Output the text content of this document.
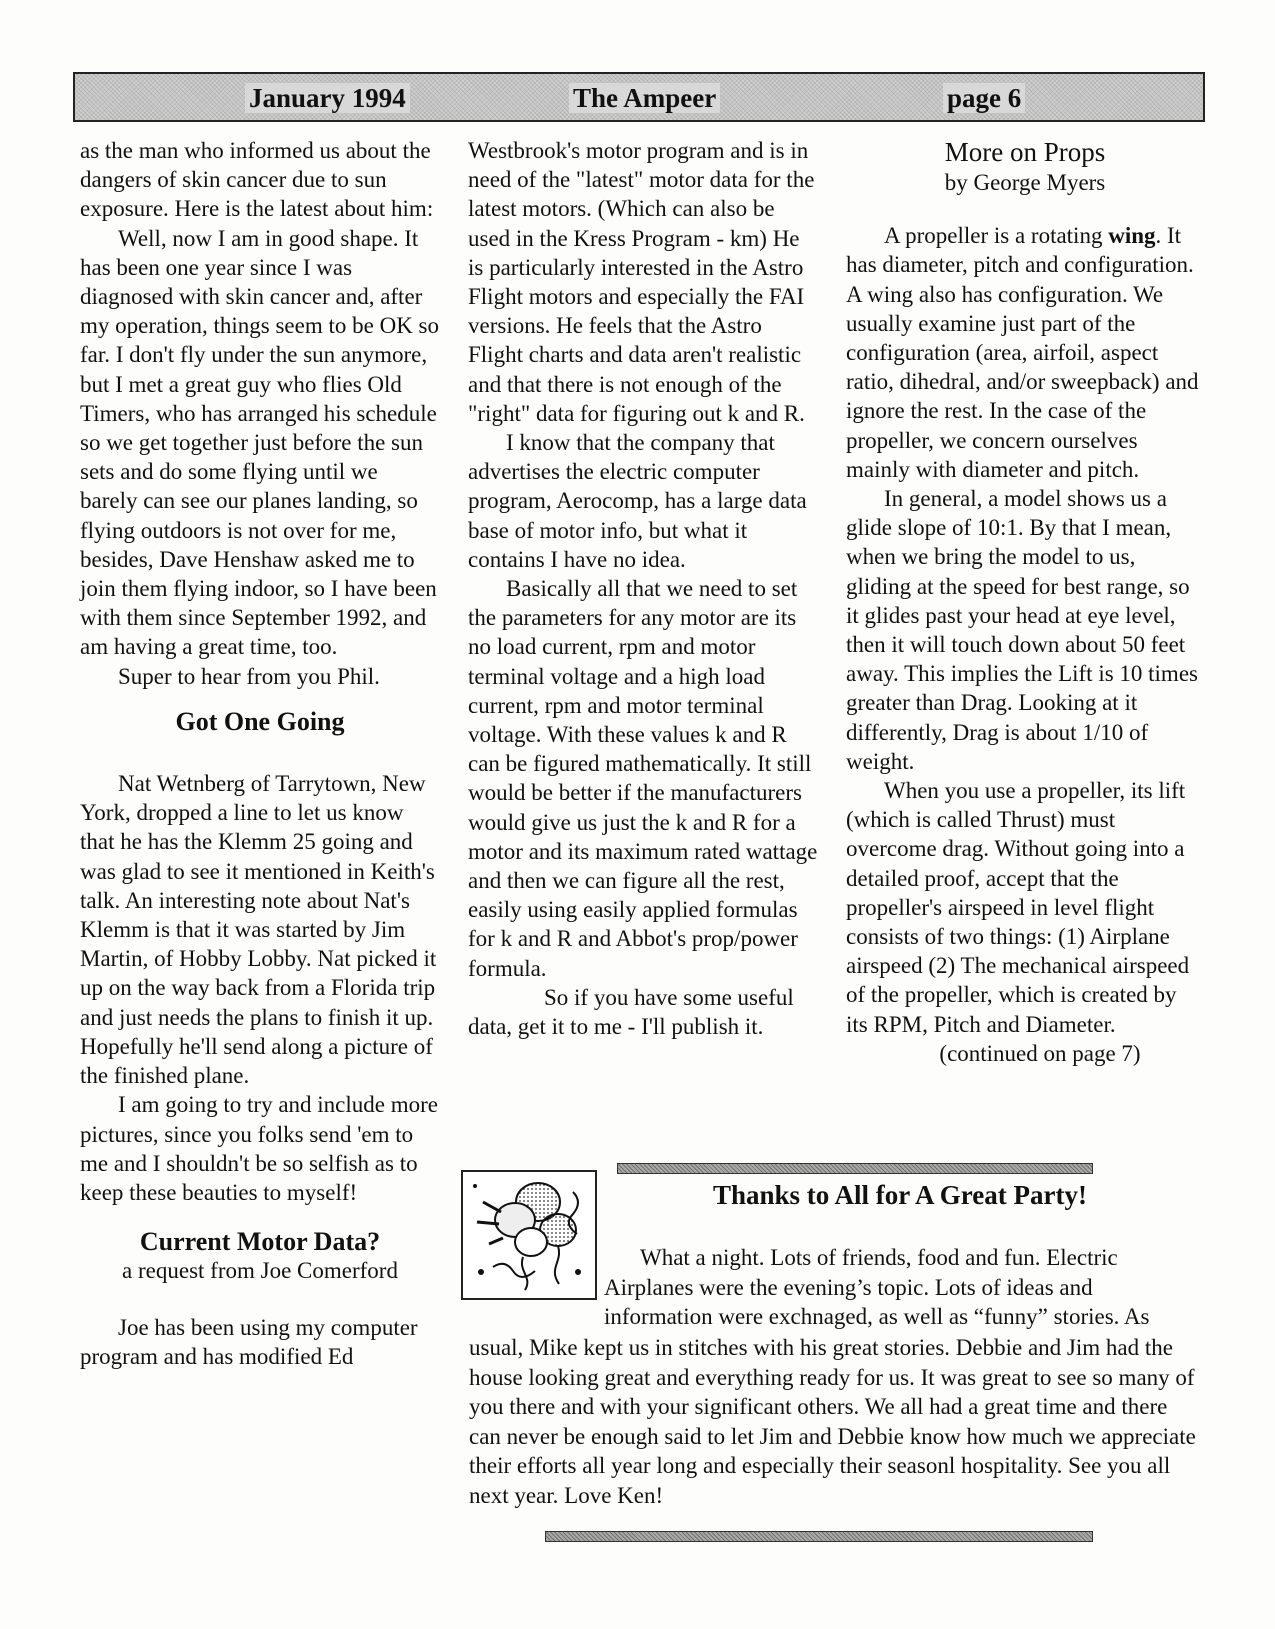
January 1994	The Ampeer	page 6

as the man who informed us about the dangers of skin cancer due to sun exposure. Here is the latest about him:

Well, now I am in good shape. It has been one year since I was diagnosed with skin cancer and, after my operation, things seem to be OK so far. I don't fly under the sun anymore, but I met a great guy who flies Old Timers, who has arranged his schedule so we get together just before the sun sets and do some flying until we barely can see our planes landing, so flying outdoors is not over for me, besides, Dave Henshaw asked me to join them flying indoor, so I have been with them since September 1992, and am having a great time, too.

Super to hear from you Phil.

Got One Going

Nat Wetnberg of Tarrytown, New York, dropped a line to let us know that he has the Klemm 25 going and was glad to see it mentioned in Keith's talk. An interesting note about Nat's Klemm is that it was started by Jim Martin, of Hobby Lobby. Nat picked it up on the way back from a Florida trip and just needs the plans to finish it up. Hopefully he'll send along a picture of the finished plane.

I am going to try and include more pictures, since you folks send 'em to me and I shouldn't be so selfish as to keep these beauties to myself!

Current Motor Data?

a request from Joe Comerford

Joe has been using my computer program and has modified Ed

Westbrook's motor program and is in need of the "latest" motor data for the latest motors. (Which can also be used in the Kress Program - km) He is particularly interested in the Astro Flight motors and especially the FAI versions. He feels that the Astro Flight charts and data aren't realistic and that there is not enough of the "right" data for figuring out k and R.

I know that the company that advertises the electric computer program, Aerocomp, has a large data base of motor info, but what it contains I have no idea.

Basically all that we need to set the parameters for any motor are its no load current, rpm and motor terminal voltage and a high load current, rpm and motor terminal voltage. With these values k and R can be figured mathematically. It still would be better if the manufacturers would give us just the k and R for a motor and its maximum rated wattage and then we can figure all the rest, easily using easily applied formulas for k and R and Abbot's prop/power formula.

So if you have some useful data, get it to me - I'll publish it.

More on Props

by George Myers

A propeller is a rotating wing. It has diameter, pitch and configuration. A wing also has configuration. We usually examine just part of the configuration (area, airfoil, aspect ratio, dihedral, and/or sweepback) and ignore the rest. In the case of the propeller, we concern ourselves mainly with diameter and pitch.

In general, a model shows us a glide slope of 10:1. By that I mean, when we bring the model to us, gliding at the speed for best range, so it glides past your head at eye level, then it will touch down about 50 feet away. This implies the Lift is 10 times greater than Drag. Looking at it differently, Drag is about 1/10 of weight.

When you use a propeller, its lift (which is called Thrust) must overcome drag. Without going into a detailed proof, accept that the propeller's airspeed in level flight consists of two things: (1) Airplane airspeed (2) The mechanical airspeed of the propeller, which is created by its RPM, Pitch and Diameter.

(continued on page 7)

Thanks to All for A Great Party!

What a night. Lots of friends, food and fun. Electric

Airplanes were the evening’s topic. Lots of ideas and

information were exchnaged, as well as “funny” stories. As

usual, Mike kept us in stitches with his great stories. Debbie and Jim had the house looking great and everything ready for us. It was great to see so many of you there and with your significant others. We all had a great time and there can never be enough said to let Jim and Debbie know how much we appreciate their efforts all year long and especially their seasonl hospitality. See you all next year. Love Ken!
